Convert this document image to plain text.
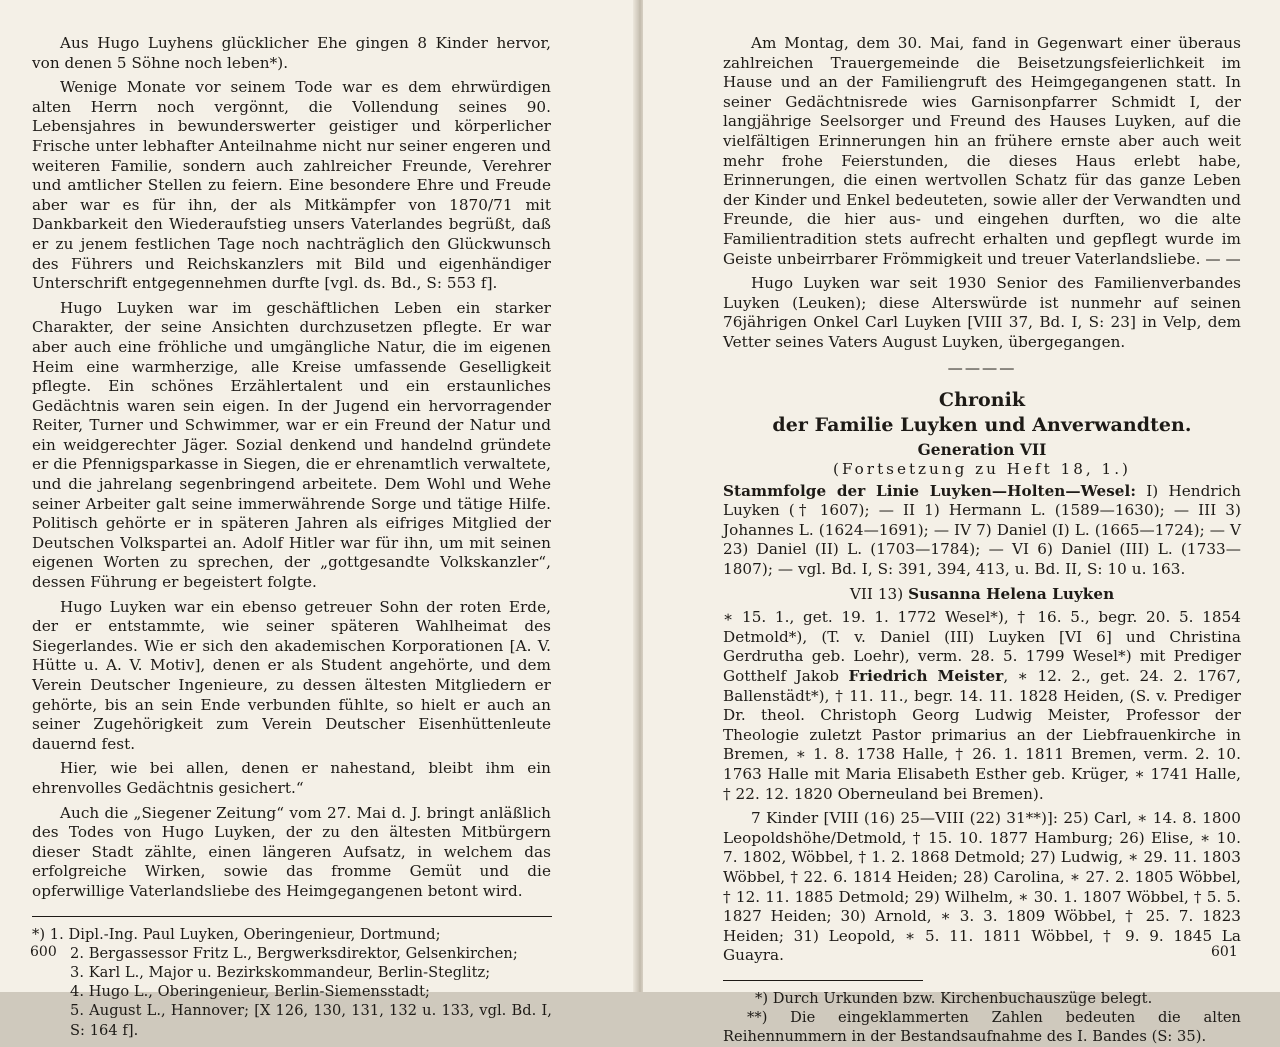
Aus Hugo Luyhens glücklicher Ehe gingen 8 Kinder hervor, von denen 5 Söhne noch leben*).

Wenige Monate vor seinem Tode war es dem ehrwürdigen alten Herrn noch vergönnt, die Vollendung seines 90. Lebensjahres in bewunderswerter geistiger und körperlicher Frische unter lebhafter Anteilnahme nicht nur seiner engeren und weiteren Familie, sondern auch zahlreicher Freunde, Verehrer und amtlicher Stellen zu feiern. Eine besondere Ehre und Freude aber war es für ihn, der als Mitkämpfer von 1870/71 mit Dankbarkeit den Wiederaufstieg unsers Vaterlandes begrüßt, daß er zu jenem festlichen Tage noch nachträglich den Glückwunsch des Führers und Reichskanzlers mit Bild und eigenhändiger Unterschrift entgegennehmen durfte [vgl. ds. Bd., S: 553 f].

Hugo Luyken war im geschäftlichen Leben ein starker Charakter, der seine Ansichten durchzusetzen pflegte. Er war aber auch eine fröhliche und umgängliche Natur, die im eigenen Heim eine warmherzige, alle Kreise umfassende Geselligkeit pflegte. Ein schönes Erzählertalent und ein erstaunliches Gedächtnis waren sein eigen. In der Jugend ein hervorragender Reiter, Turner und Schwimmer, war er ein Freund der Natur und ein weidgerechter Jäger. Sozial denkend und handelnd gründete er die Pfennigsparkasse in Siegen, die er ehrenamtlich verwaltete, und die jahrelang segenbringend arbeitete. Dem Wohl und Wehe seiner Arbeiter galt seine immerwährende Sorge und tätige Hilfe. Politisch gehörte er in späteren Jahren als eifriges Mitglied der Deutschen Volkspartei an. Adolf Hitler war für ihn, um mit seinen eigenen Worten zu sprechen, der „gottgesandte Volkskanzler“, dessen Führung er begeistert folgte.

Hugo Luyken war ein ebenso getreuer Sohn der roten Erde, der er entstammte, wie seiner späteren Wahlheimat des Siegerlandes. Wie er sich den akademischen Korporationen [A. V. Hütte u. A. V. Motiv], denen er als Student angehörte, und dem Verein Deutscher Ingenieure, zu dessen ältesten Mitgliedern er gehörte, bis an sein Ende verbunden fühlte, so hielt er auch an seiner Zugehörigkeit zum Verein Deutscher Eisenhüttenleute dauernd fest.

Hier, wie bei allen, denen er nahestand, bleibt ihm ein ehrenvolles Gedächtnis gesichert.“

Auch die „Siegener Zeitung“ vom 27. Mai d. J. bringt anläßlich des Todes von Hugo Luyken, der zu den ältesten Mitbürgern dieser Stadt zählte, einen längeren Aufsatz, in welchem das erfolgreiche Wirken, sowie das fromme Gemüt und die opferwillige Vaterlandsliebe des Heimgegangenen betont wird.

*) 1. Dipl.-Ing. Paul Luyken, Oberingenieur, Dortmund;

2. Bergassessor Fritz L., Bergwerksdirektor, Gelsenkirchen;

3. Karl L., Major u. Bezirkskommandeur, Berlin-Steglitz;

4. Hugo L., Oberingenieur, Berlin-Siemensstadt;

5. August L., Hannover; [X 126, 130, 131, 132 u. 133, vgl. Bd. I, S: 164 f].

600

Am Montag, dem 30. Mai, fand in Gegenwart einer überaus zahlreichen Trauergemeinde die Beisetzungsfeierlichkeit im Hause und an der Familiengruft des Heimgegangenen statt. In seiner Gedächtnisrede wies Garnisonpfarrer Schmidt I, der langjährige Seelsorger und Freund des Hauses Luyken, auf die vielfältigen Erinnerungen hin an frühere ernste aber auch weit mehr frohe Feierstunden, die dieses Haus erlebt habe, Erinnerungen, die einen wertvollen Schatz für das ganze Leben der Kinder und Enkel bedeuteten, sowie aller der Verwandten und Freunde, die hier aus- und eingehen durften, wo die alte Familientradition stets aufrecht erhalten und gepflegt wurde im Geiste unbeirrbarer Frömmigkeit und treuer Vaterlandsliebe. — —

Hugo Luyken war seit 1930 Senior des Familienverbandes Luyken (Leuken); diese Alterswürde ist nunmehr auf seinen 76jährigen Onkel Carl Luyken [VIII 37, Bd. I, S: 23] in Velp, dem Vetter seines Vaters August Luyken, übergegangen.

————
Chronik
der Familie Luyken und Anverwandten.
Generation VII
(Fortsetzung zu Heft 18, 1.)

Stammfolge der Linie Luyken—Holten—Wesel: I) Hendrich Luyken († 1607); — II 1) Hermann L. (1589—1630); — III 3) Johannes L. (1624—1691); — IV 7) Daniel (I) L. (1665—1724); — V 23) Daniel (II) L. (1703—1784); — VI 6) Daniel (III) L. (1733—1807); — vgl. Bd. I, S: 391, 394, 413, u. Bd. II, S: 10 u. 163.

VII 13) Susanna Helena Luyken

∗ 15. 1., get. 19. 1. 1772 Wesel*), † 16. 5., begr. 20. 5. 1854 Detmold*), (T. v. Daniel (III) Luyken [VI 6] und Christina Gerdrutha geb. Loehr), verm. 28. 5. 1799 Wesel*) mit Prediger Gotthelf Jakob Friedrich Meister, ∗ 12. 2., get. 24. 2. 1767, Ballenstädt*), † 11. 11., begr. 14. 11. 1828 Heiden, (S. v. Prediger Dr. theol. Christoph Georg Ludwig Meister, Professor der Theologie zuletzt Pastor primarius an der Liebfrauenkirche in Bremen, ∗ 1. 8. 1738 Halle, † 26. 1. 1811 Bremen, verm. 2. 10. 1763 Halle mit Maria Elisabeth Esther geb. Krüger, ∗ 1741 Halle, † 22. 12. 1820 Oberneuland bei Bremen).

7 Kinder [VIII (16) 25—VIII (22) 31**)]: 25) Carl, ∗ 14. 8. 1800 Leopoldshöhe/Detmold, † 15. 10. 1877 Hamburg; 26) Elise, ∗ 10. 7. 1802, Wöbbel, † 1. 2. 1868 Detmold; 27) Ludwig, ∗ 29. 11. 1803 Wöbbel, † 22. 6. 1814 Heiden; 28) Carolina, ∗ 27. 2. 1805 Wöbbel, † 12. 11. 1885 Detmold; 29) Wilhelm, ∗ 30. 1. 1807 Wöbbel, † 5. 5. 1827 Heiden; 30) Arnold, ∗ 3. 3. 1809 Wöbbel, † 25. 7. 1823 Heiden; 31) Leopold, ∗ 5. 11. 1811 Wöbbel, † 9. 9. 1845 La Guayra.

*) Durch Urkunden bzw. Kirchenbuchauszüge belegt.

**) Die eingeklammerten Zahlen bedeuten die alten Reihennummern in der Bestandsaufnahme des I. Bandes (S: 35).

601
